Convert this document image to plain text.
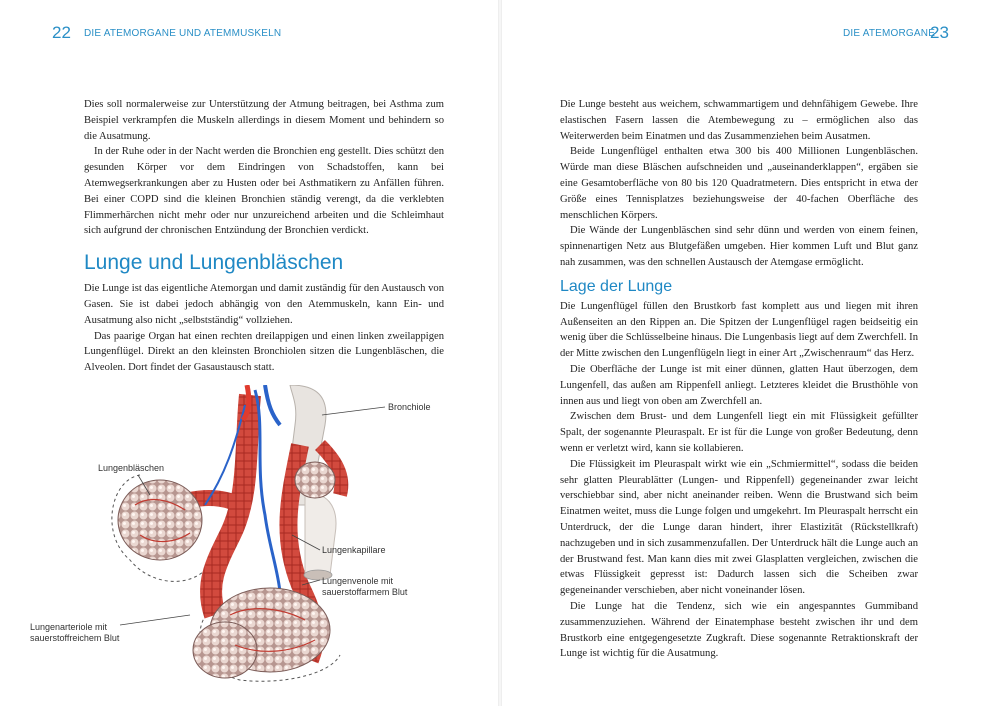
22 DIE ATEMORGANE UND ATEMMUSKELN

Dies soll normalerweise zur Unterstützung der Atmung beitragen, bei Asthma zum Beispiel verkrampfen die Muskeln allerdings in diesem Moment und behindern so die Ausatmung.

In der Ruhe oder in der Nacht werden die Bronchien eng gestellt. Dies schützt den gesunden Körper vor dem Eindringen von Schadstoffen, kann bei Atemwegserkrankungen aber zu Husten oder bei Asthmatikern zu Anfällen führen. Bei einer COPD sind die kleinen Bronchien ständig verengt, da die verklebten Flimmerhärchen nicht mehr oder nur unzureichend arbeiten und die Schleimhaut sich aufgrund der chronischen Entzündung der Bronchien verdickt.

Lunge und Lungenbläschen

Die Lunge ist das eigentliche Atemorgan und damit zuständig für den Austausch von Gasen. Sie ist dabei jedoch abhängig von den Atemmuskeln, kann Ein- und Ausatmung also nicht „selbstständig“ vollziehen.

Das paarige Organ hat einen rechten dreilappigen und einen linken zweilappigen Lungenflügel. Direkt an den kleinsten Bronchiolen sitzen die Lungenbläschen, die Alveolen. Dort findet der Gasaustausch statt.

Bronchiole
Lungenbläschen
Lungenkapillare
Lungenvenole mit sauerstoffarmem Blut
Lungenarteriole mit sauerstoffreichem Blut
DIE ATEMORGANE
23

Die Lunge besteht aus weichem, schwammartigem und dehnfähigem Gewebe. Ihre elastischen Fasern lassen die Atembewegung zu – ermöglichen also das Weiterwerden beim Einatmen und das Zusammenziehen beim Ausatmen.

Beide Lungenflügel enthalten etwa 300 bis 400 Millionen Lungenbläschen. Würde man diese Bläschen aufschneiden und „auseinanderklappen“, ergäben sie eine Gesamtoberfläche von 80 bis 120 Quadratmetern. Dies entspricht in etwa der Größe eines Tennisplatzes beziehungsweise der 40-fachen Oberfläche des menschlichen Körpers.

Die Wände der Lungenbläschen sind sehr dünn und werden von einem feinen, spinnenartigen Netz aus Blutgefäßen umgeben. Hier kommen Luft und Blut ganz nah zusammen, was den schnellen Austausch der Atemgase ermöglicht.

Lage der Lunge

Die Lungenflügel füllen den Brustkorb fast komplett aus und liegen mit ihren Außenseiten an den Rippen an. Die Spitzen der Lungenflügel ragen beidseitig ein wenig über die Schlüsselbeine hinaus. Die Lungenbasis liegt auf dem Zwerchfell. In der Mitte zwischen den Lungenflügeln liegt in einer Art „Zwischenraum“ das Herz.

Die Oberfläche der Lunge ist mit einer dünnen, glatten Haut überzogen, dem Lungenfell, das außen am Rippenfell anliegt. Letzteres kleidet die Brusthöhle von innen aus und liegt von oben am Zwerchfell an.

Zwischen dem Brust- und dem Lungenfell liegt ein mit Flüssigkeit gefüllter Spalt, der sogenannte Pleuraspalt. Er ist für die Lunge von großer Bedeutung, denn wenn er verletzt wird, kann sie kollabieren.

Die Flüssigkeit im Pleuraspalt wirkt wie ein „Schmiermittel“, sodass die beiden sehr glatten Pleurablätter (Lungen- und Rippenfell) gegeneinander zwar leicht verschiebbar sind, aber nicht aneinander reiben. Wenn die Brustwand sich beim Einatmen weitet, muss die Lunge folgen und umgekehrt. Im Pleuraspalt herrscht ein Unterdruck, der die Lunge daran hindert, ihrer Elastizität (Rückstellkraft) nachzugeben und in sich zusammenzufallen. Der Unterdruck hält die Lunge auch an der Brustwand fest. Man kann dies mit zwei Glasplatten vergleichen, zwischen die etwas Flüssigkeit gepresst ist: Dadurch lassen sich die Scheiben zwar gegeneinander verschieben, aber nicht voneinander lösen.

Die Lunge hat die Tendenz, sich wie ein angespanntes Gummiband zusammenzuziehen. Während der Einatemphase besteht zwischen ihr und dem Brustkorb eine entgegengesetzte Zugkraft. Diese sogenannte Retraktionskraft der Lunge ist wichtig für die Ausatmung.
